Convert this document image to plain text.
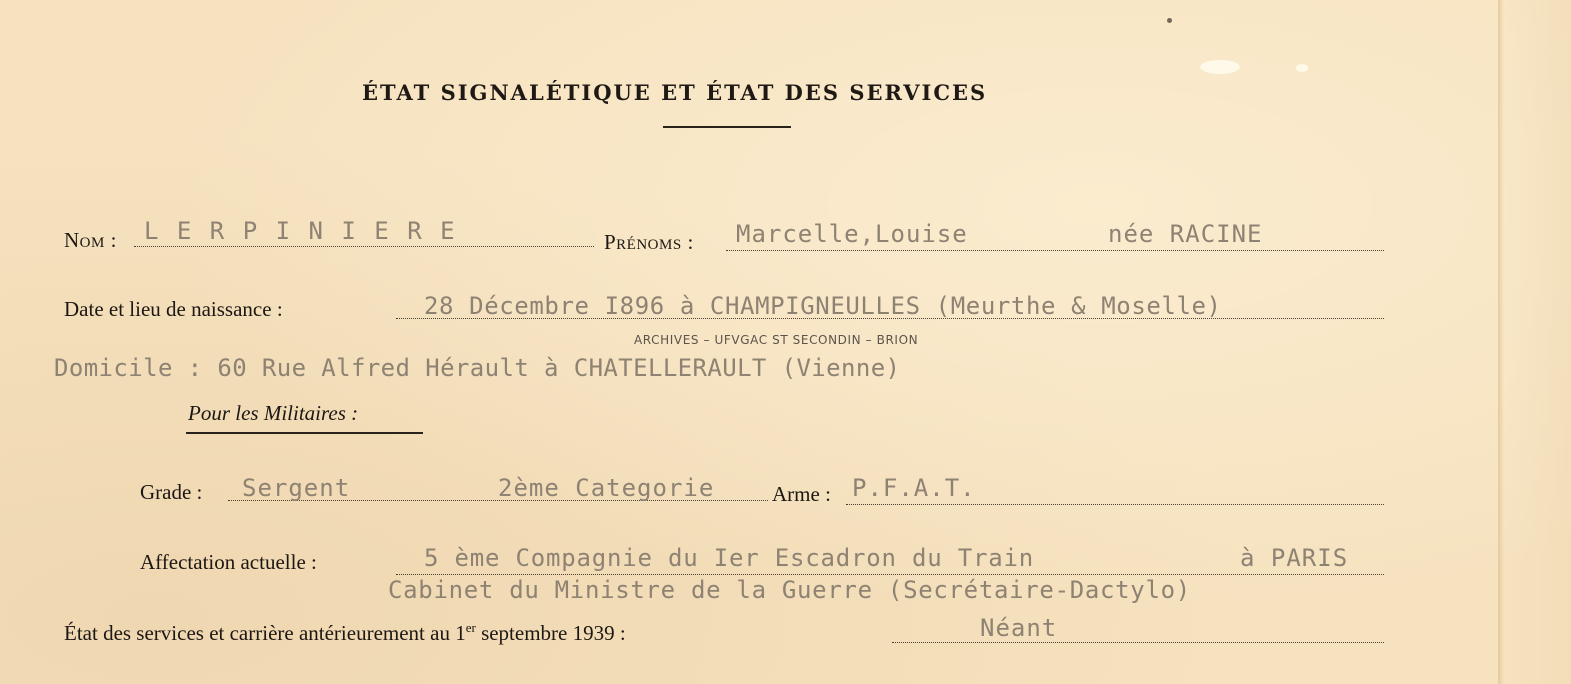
ÉTAT SIGNALÉTIQUE ET ÉTAT DES SERVICES
Nom : L E R P I N I E R E	Prénoms : Marcelle,Louise	née RACINE
Date et lieu de naissance :	28 Décembre I896 à CHAMPIGNEULLES (Meurthe & Moselle)
ARCHIVES – UFVGAC ST SECONDIN – BRION
Domicile : 60 Rue Alfred Hérault à CHATELLERAULT (Vienne)
Pour les Militaires :
Grade : Sergent	2ème Categorie	Arme : P.F.A.T.
Affectation actuelle :	5 ème Compagnie du Ier Escadron du Train	à PARIS
Cabinet du Ministre de la Guerre (Secrétaire-Dactylo)
État des services et carrière antérieurement au 1er septembre 1939 :	Néant
